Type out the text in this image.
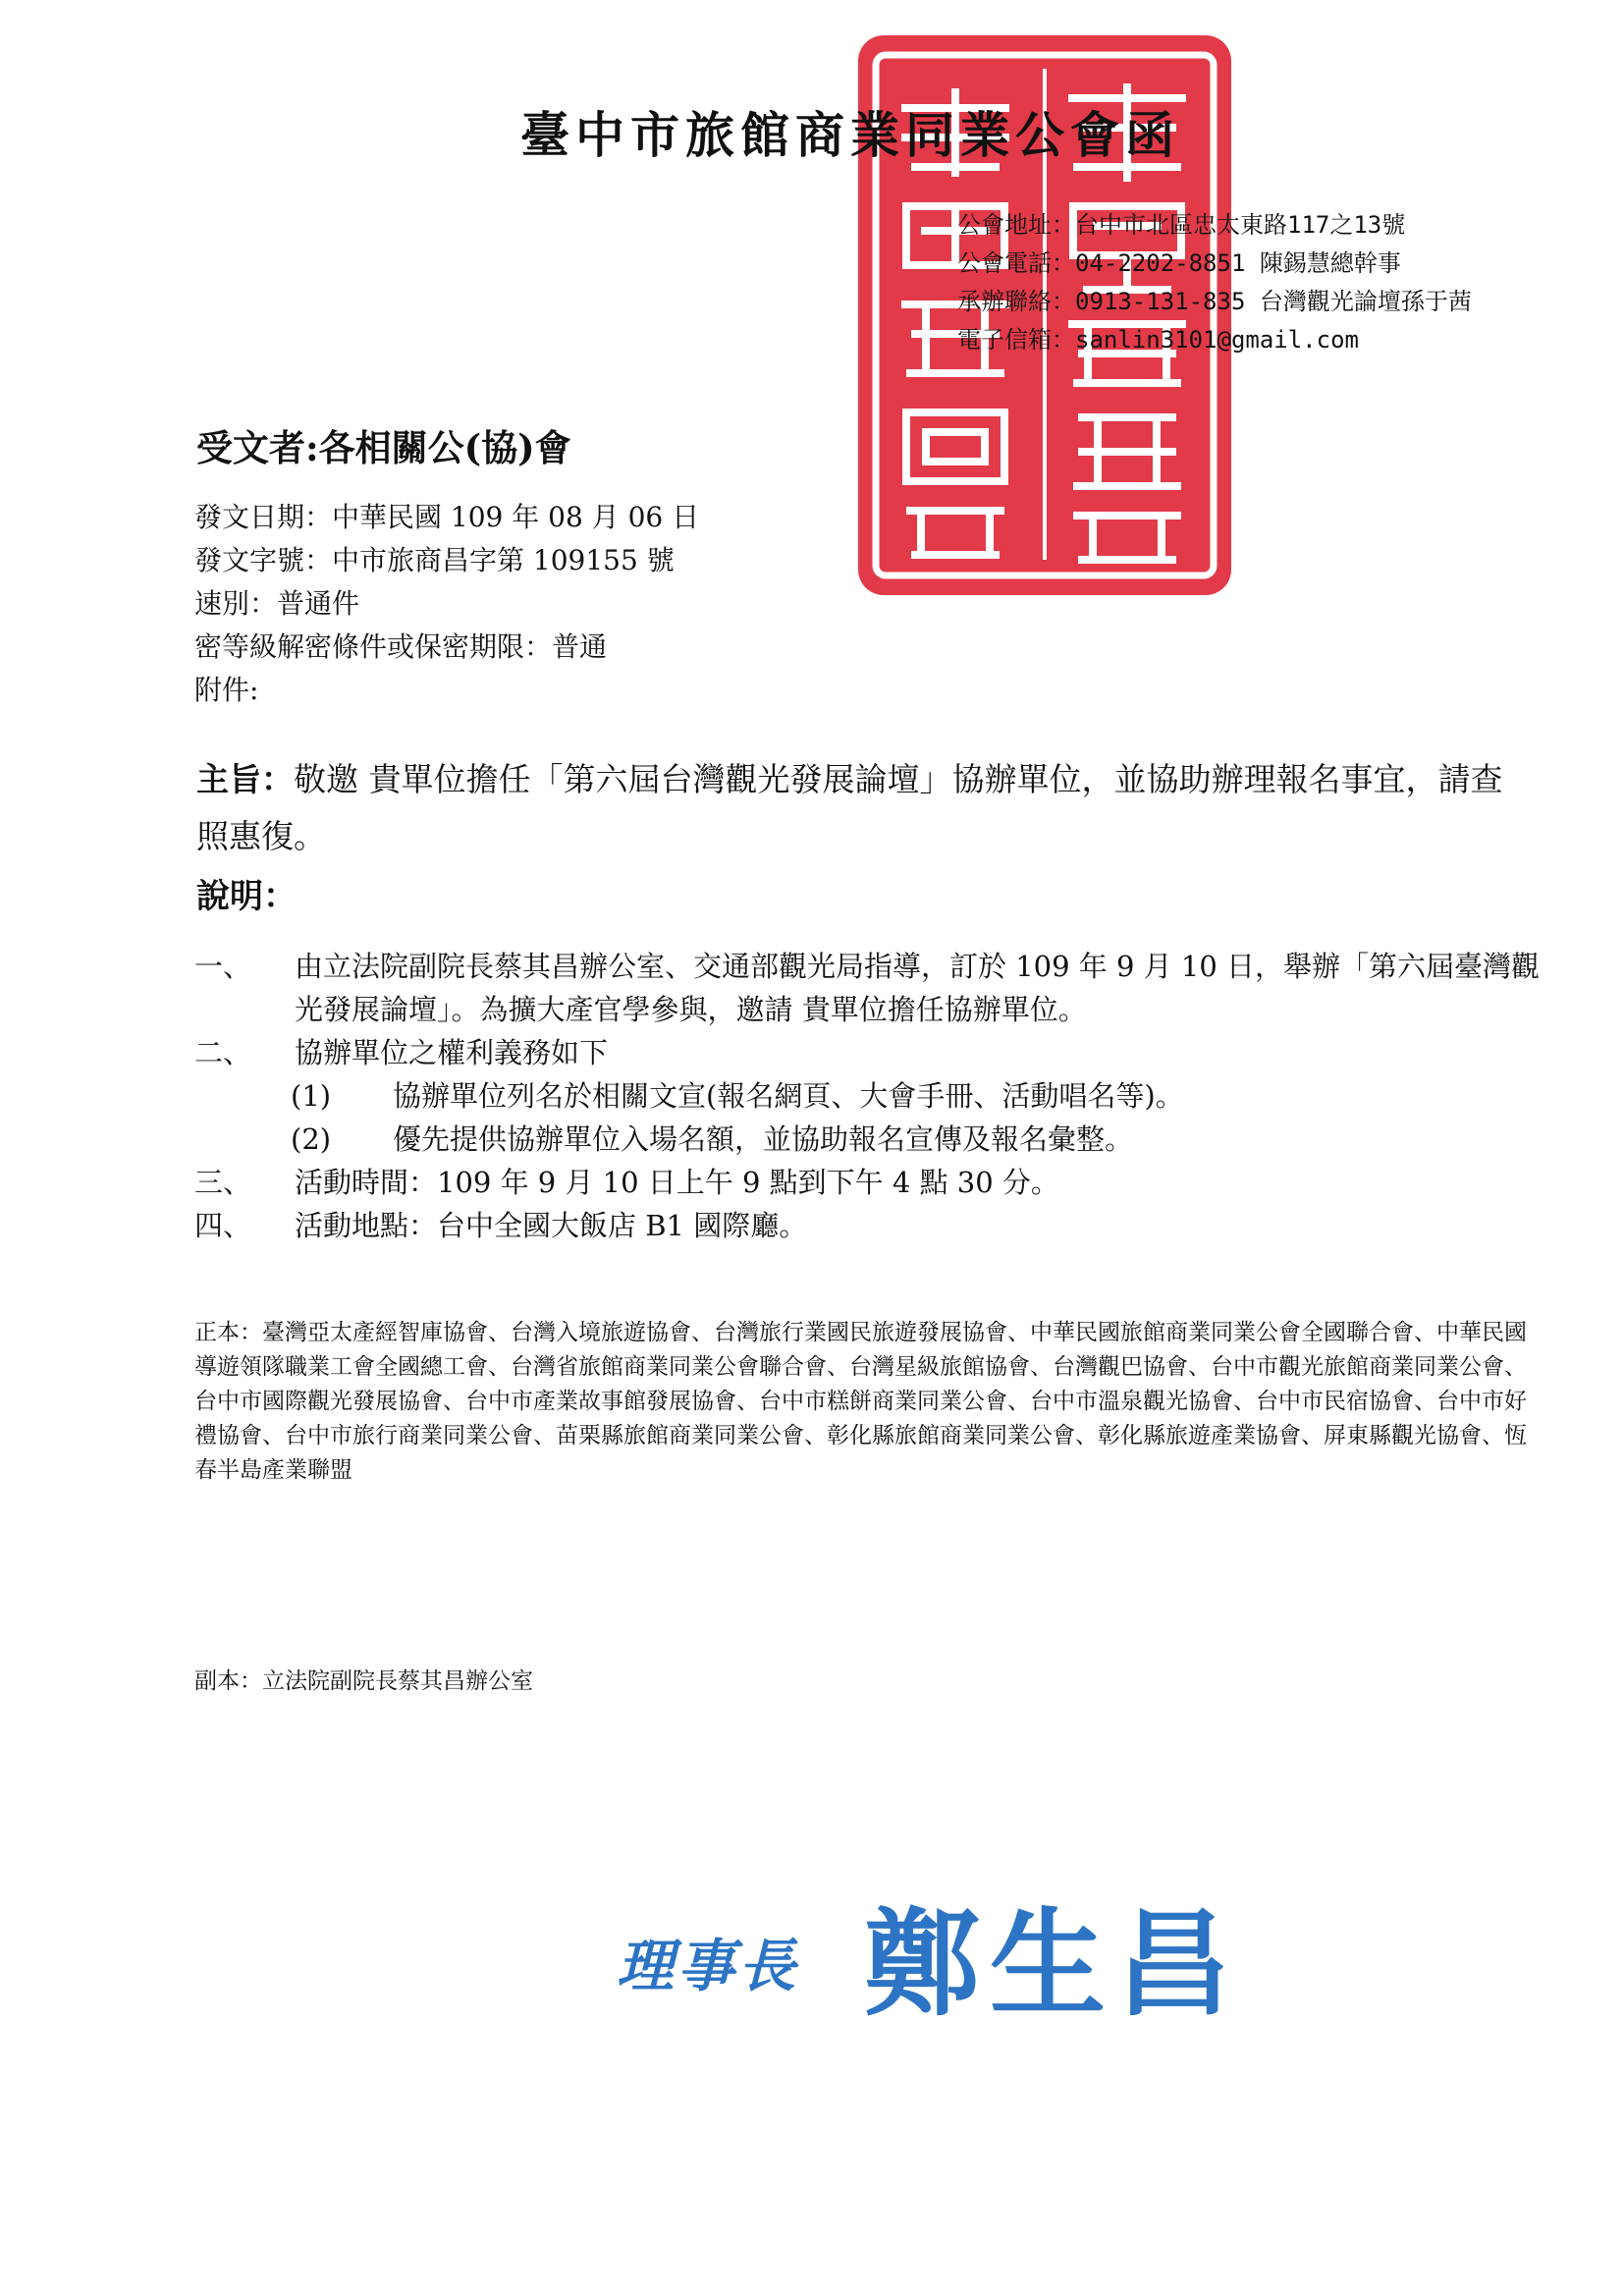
臺中市旅館商業同業公會函
公會地址：台中市北區忠太東路117之13號
公會電話：04-2202-8851 陳錫慧總幹事
承辦聯絡：0913-131-835 台灣觀光論壇孫于茜
電子信箱：sanlin3101@gmail.com
受文者:各相關公(協)會
發文日期：中華民國 109 年 08 月 06 日
發文字號：中市旅商昌字第 109155 號
速別：普通件
密等級解密條件或保密期限：普通
附件:
主旨：敬邀 貴單位擔任「第六屆台灣觀光發展論壇」協辦單位，並協助辦理報名事宜，請查照惠復。
說明：
一、 由立法院副院長蔡其昌辦公室、交通部觀光局指導，訂於 109 年 9 月 10 日，舉辦「第六屆臺灣觀光發展論壇」。為擴大產官學參與，邀請 貴單位擔任協辦單位。
二、 協辦單位之權利義務如下
(1) 協辦單位列名於相關文宣(報名網頁、大會手冊、活動唱名等)。
(2) 優先提供協辦單位入場名額，並協助報名宣傳及報名彙整。
三、 活動時間：109 年 9 月 10 日上午 9 點到下午 4 點 30 分。
四、 活動地點：台中全國大飯店 B1 國際廳。
正本：臺灣亞太產經智庫協會、台灣入境旅遊協會、台灣旅行業國民旅遊發展協會、中華民國旅館商業同業公會全國聯合會、中華民國導遊領隊職業工會全國總工會、台灣省旅館商業同業公會聯合會、台灣星級旅館協會、台灣觀巴協會、台中市觀光旅館商業同業公會、台中市國際觀光發展協會、台中市產業故事館發展協會、台中市糕餅商業同業公會、台中市溫泉觀光協會、台中市民宿協會、台中市好禮協會、台中市旅行商業同業公會、苗栗縣旅館商業同業公會、彰化縣旅館商業同業公會、彰化縣旅遊產業協會、屏東縣觀光協會、恆春半島產業聯盟
副本：立法院副院長蔡其昌辦公室
理事長 鄭生昌
